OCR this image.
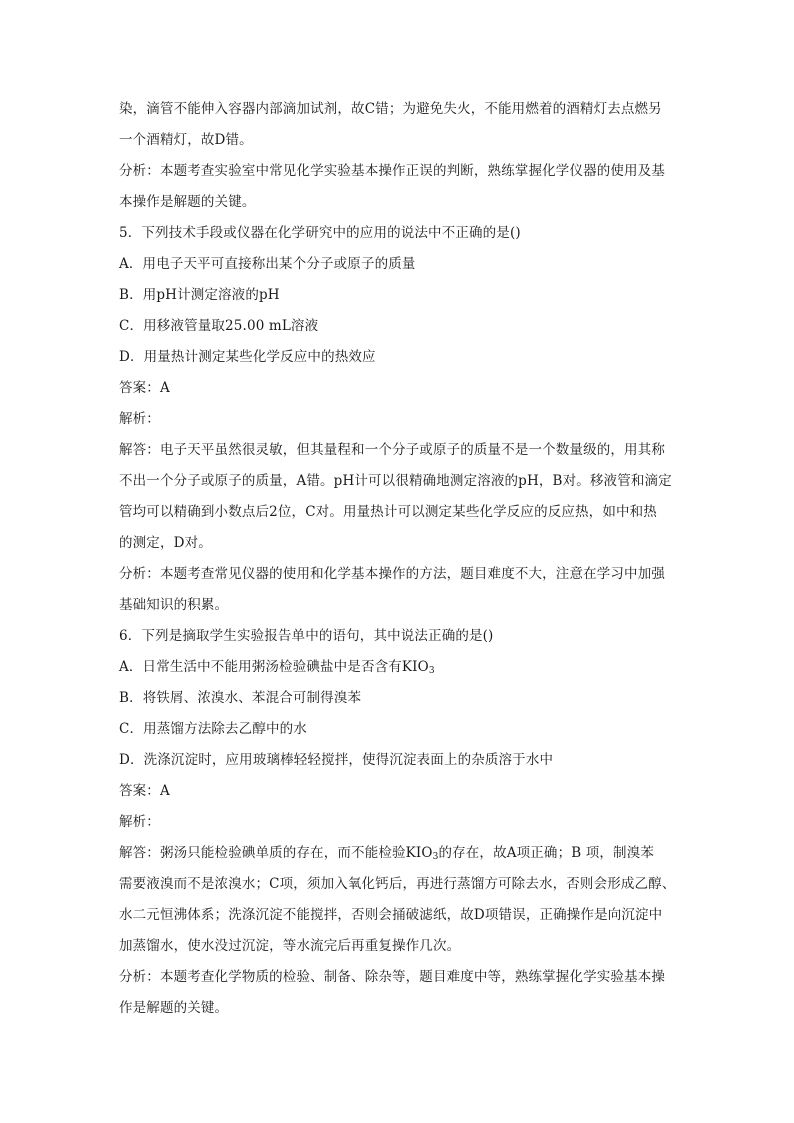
染，滴管不能伸入容器内部滴加试剂，故C错；为避免失火，不能用燃着的酒精灯去点燃另
一个酒精灯，故D错。
分析：本题考查实验室中常见化学实验基本操作正误的判断，熟练掌握化学仪器的使用及基
本操作是解题的关键。
5．下列技术手段或仪器在化学研究中的应用的说法中不正确的是()
A．用电子天平可直接称出某个分子或原子的质量
B．用pH计测定溶液的pH
C．用移液管量取25.00 mL溶液
D．用量热计测定某些化学反应中的热效应
答案：A
解析：
解答：电子天平虽然很灵敏，但其量程和一个分子或原子的质量不是一个数量级的，用其称
不出一个分子或原子的质量，A错。pH计可以很精确地测定溶液的pH，B对。移液管和滴定
管均可以精确到小数点后2位，C对。用量热计可以测定某些化学反应的反应热，如中和热
的测定，D对。
分析：本题考查常见仪器的使用和化学基本操作的方法，题目难度不大，注意在学习中加强
基础知识的积累。
6．下列是摘取学生实验报告单中的语句，其中说法正确的是()
A．日常生活中不能用粥汤检验碘盐中是否含有$KIO_3$
B．将铁屑、浓溴水、苯混合可制得溴苯
C．用蒸馏方法除去乙醇中的水
D．洗涤沉淀时，应用玻璃棒轻轻搅拌，使得沉淀表面上的杂质溶于水中
答案：A
解析：
解答：粥汤只能检验碘单质的存在，而不能检验$KIO_3$的存在，故A项正确；B 项，制溴苯
需要液溴而不是浓溴水；C项，须加入氧化钙后，再进行蒸馏方可除去水，否则会形成乙醇、
水二元恒沸体系；洗涤沉淀不能搅拌，否则会捅破滤纸，故D项错误，正确操作是向沉淀中
加蒸馏水，使水没过沉淀，等水流完后再重复操作几次。
分析：本题考查化学物质的检验、制备、除杂等，题目难度中等，熟练掌握化学实验基本操
作是解题的关键。
